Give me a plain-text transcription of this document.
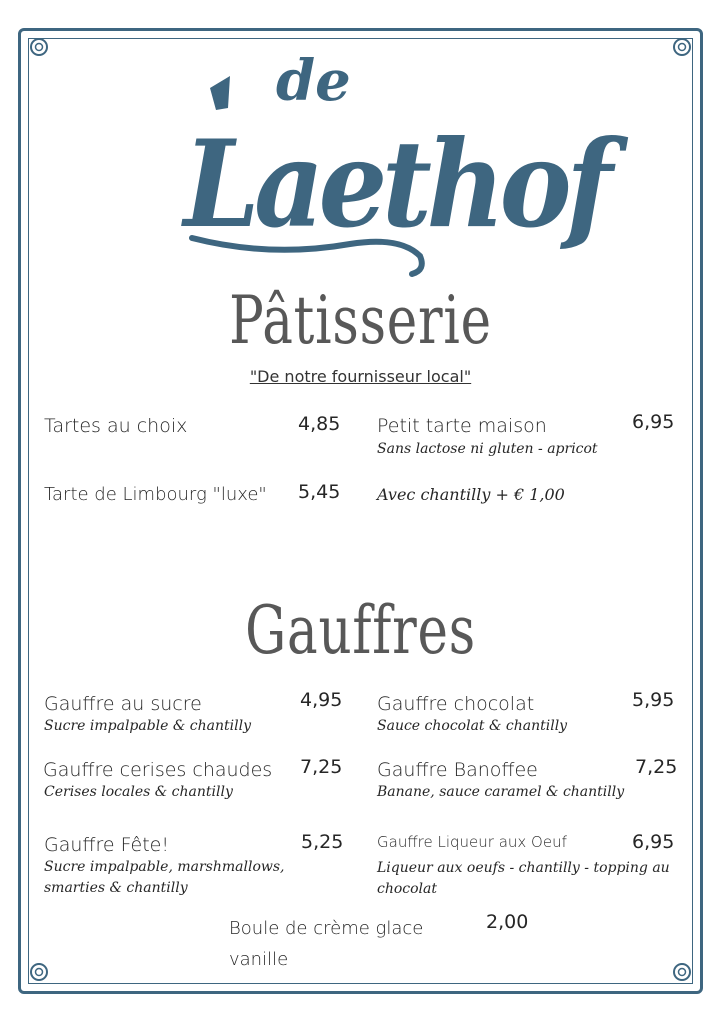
de
Laethof
Pâtisserie
"De notre fournisseur local"
Tartes au choix	4,85 Petit tarte maison	6,95
Sans lactose ni gluten - apricot
Tarte de Limbourg "luxe" 5,45 Avec chantilly + € 1,00
Gauffres
Gauffre au sucre	4,95
Sucre impalpable & chantilly
Gauffre chocolat	5,95
Sauce chocolat & chantilly
Gauffre cerises chaudes 7,25
Cerises locales & chantilly
Gauffre Banoffee	7,25
Banane, sauce caramel & chantilly
Gauffre Fête!	5,25
Sucre impalpable, marshmallows, smarties & chantilly
Gauffre Liqueur aux Oeuf	6,95
Liqueur aux oeufs - chantilly - topping au chocolat
Boule de crème glace vanille
2,00
